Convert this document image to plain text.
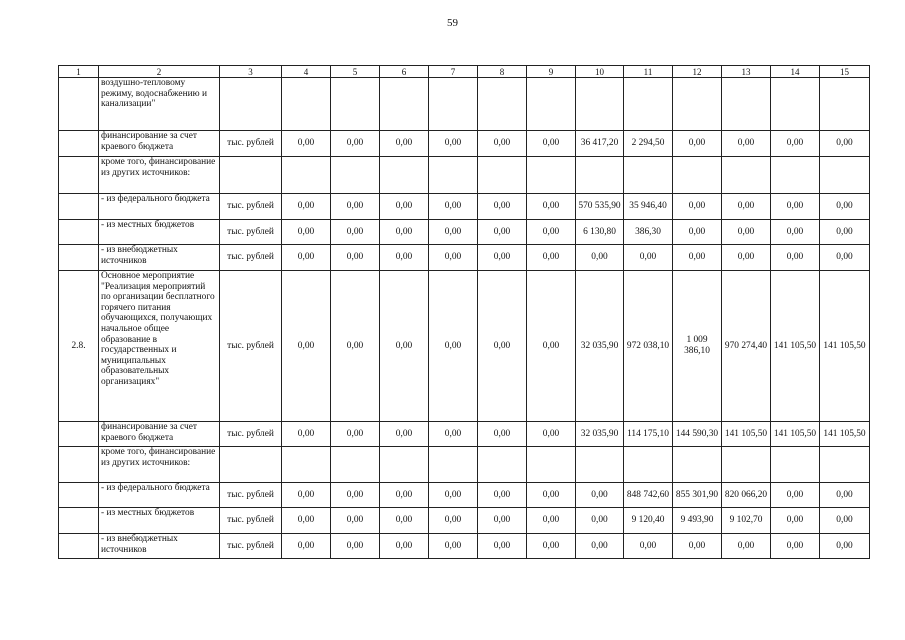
59
1	2	3	4	5	6	7	8	9	10	11	12	13	14	15
	воздушно-тепловому режиму, водоснабжению и канализации"													
	финансирование за счет краевого бюджета	тыс. рублей	0,00	0,00	0,00	0,00	0,00	0,00	36 417,20	2 294,50	0,00	0,00	0,00	0,00
	кроме того, финансирование из других источников:													
	- из федерального бюджета	тыс. рублей	0,00	0,00	0,00	0,00	0,00	0,00	570 535,90	35 946,40	0,00	0,00	0,00	0,00
	- из местных бюджетов	тыс. рублей	0,00	0,00	0,00	0,00	0,00	0,00	6 130,80	386,30	0,00	0,00	0,00	0,00
	- из внебюджетных источников	тыс. рублей	0,00	0,00	0,00	0,00	0,00	0,00	0,00	0,00	0,00	0,00	0,00	0,00
2.8.	Основное мероприятие "Реализация мероприятий по организации бесплатного горячего питания обучающихся, получающих начальное общее образование в государственных и муниципальных образовательных организациях"	тыс. рублей	0,00	0,00	0,00	0,00	0,00	0,00	32 035,90	972 038,10	1 009 386,10	970 274,40	141 105,50	141 105,50
	финансирование за счет краевого бюджета	тыс. рублей	0,00	0,00	0,00	0,00	0,00	0,00	32 035,90	114 175,10	144 590,30	141 105,50	141 105,50	141 105,50
	кроме того, финансирование из других источников:													
	- из федерального бюджета	тыс. рублей	0,00	0,00	0,00	0,00	0,00	0,00	0,00	848 742,60	855 301,90	820 066,20	0,00	0,00
	- из местных бюджетов	тыс. рублей	0,00	0,00	0,00	0,00	0,00	0,00	0,00	9 120,40	9 493,90	9 102,70	0,00	0,00
	- из внебюджетных источников	тыс. рублей	0,00	0,00	0,00	0,00	0,00	0,00	0,00	0,00	0,00	0,00	0,00	0,00
